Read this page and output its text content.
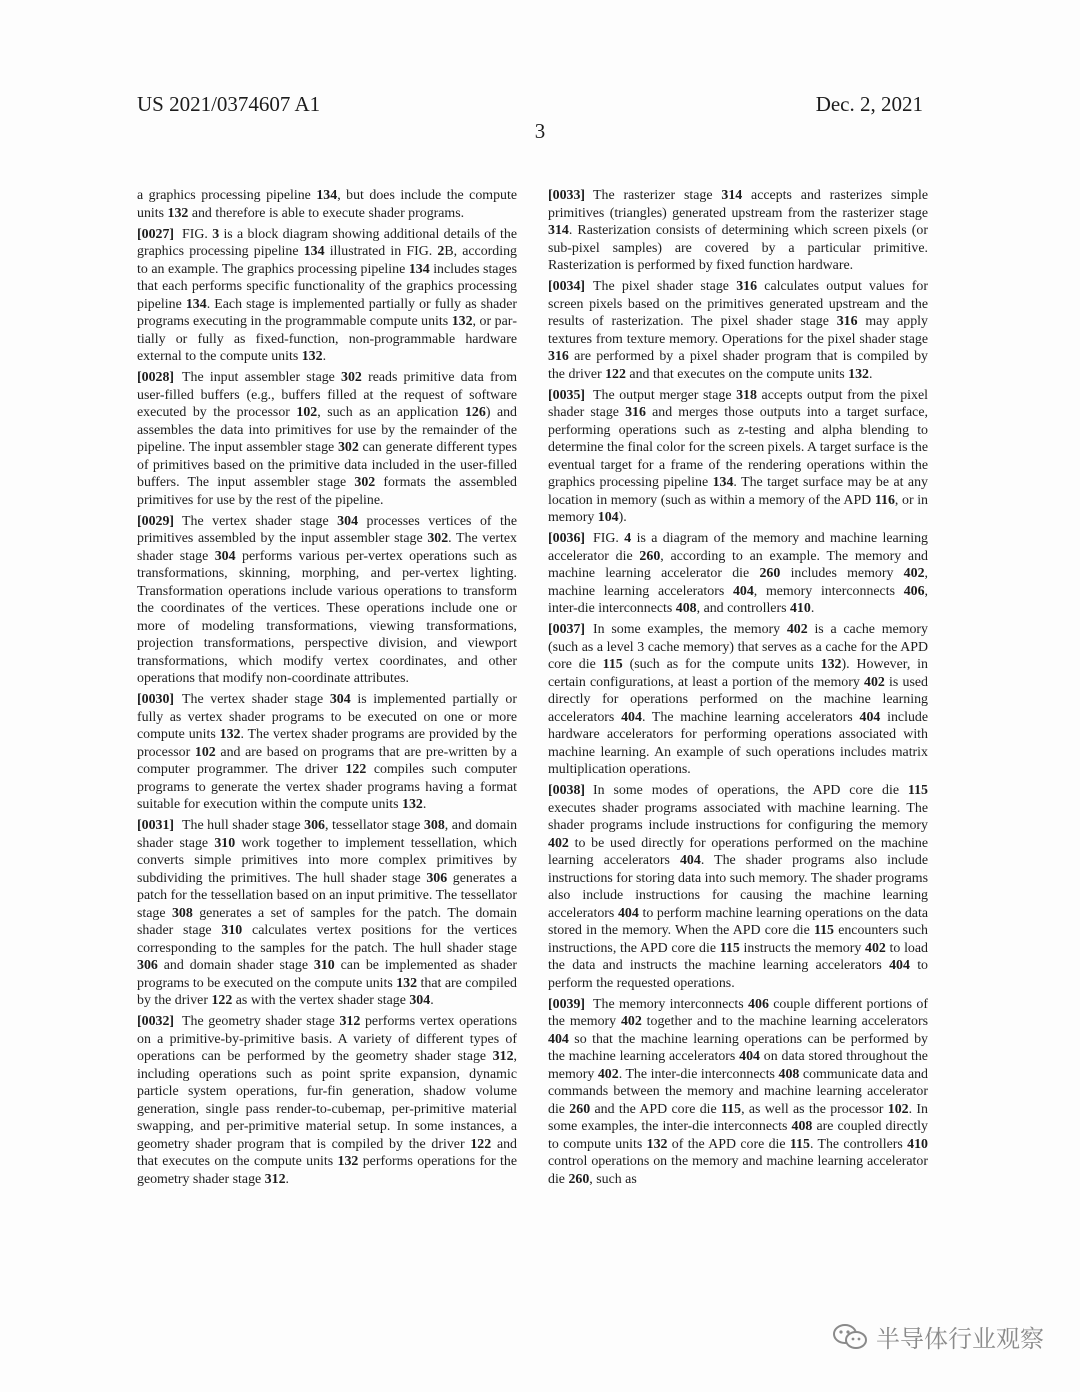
US 2021/0374607 A1	Dec. 2, 2021
3

a graphics processing pipeline 134, but does include the compute units 132 and therefore is able to execute shader programs.

[0027] FIG. 3 is a block diagram showing additional details of the graphics processing pipeline 134 illustrated in FIG. 2B, according to an example. The graphics processing pipeline 134 includes stages that each performs specific functionality of the graphics processing pipeline 134. Each stage is implemented partially or fully as shader programs executing in the programmable compute units 132, or partially or fully as fixed-function, non-programmable hardware external to the compute units 132.

[0028] The input assembler stage 302 reads primitive data from user-filled buffers (e.g., buffers filled at the request of software executed by the processor 102, such as an application 126) and assembles the data into primitives for use by the remainder of the pipeline. The input assembler stage 302 can generate different types of primitives based on the primitive data included in the user-filled buffers. The input assembler stage 302 formats the assembled primitives for use by the rest of the pipeline.

[0029] The vertex shader stage 304 processes vertices of the primitives assembled by the input assembler stage 302. The vertex shader stage 304 performs various per-vertex operations such as transformations, skinning, morphing, and per-vertex lighting. Transformation operations include various operations to transform the coordinates of the vertices. These operations include one or more of modeling transformations, viewing transformations, projection transformations, perspective division, and viewport transformations, which modify vertex coordinates, and other operations that modify non-coordinate attributes.

[0030] The vertex shader stage 304 is implemented partially or fully as vertex shader programs to be executed on one or more compute units 132. The vertex shader programs are provided by the processor 102 and are based on programs that are pre-written by a computer programmer. The driver 122 compiles such computer programs to generate the vertex shader programs having a format suitable for execution within the compute units 132.

[0031] The hull shader stage 306, tessellator stage 308, and domain shader stage 310 work together to implement tessellation, which converts simple primitives into more complex primitives by subdividing the primitives. The hull shader stage 306 generates a patch for the tessellation based on an input primitive. The tessellator stage 308 generates a set of samples for the patch. The domain shader stage 310 calculates vertex positions for the vertices corresponding to the samples for the patch. The hull shader stage 306 and domain shader stage 310 can be implemented as shader programs to be executed on the compute units 132 that are compiled by the driver 122 as with the vertex shader stage 304.

[0032] The geometry shader stage 312 performs vertex operations on a primitive-by-primitive basis. A variety of different types of operations can be performed by the geometry shader stage 312, including operations such as point sprite expansion, dynamic particle system operations, fur-fin generation, shadow volume generation, single pass render-to-cubemap, per-primitive material swapping, and per-primitive material setup. In some instances, a geometry shader program that is compiled by the driver 122 and that executes on the compute units 132 performs operations for the geometry shader stage 312.

[0033] The rasterizer stage 314 accepts and rasterizes simple primitives (triangles) generated upstream from the rasterizer stage 314. Rasterization consists of determining which screen pixels (or sub-pixel samples) are covered by a particular primitive. Rasterization is performed by fixed function hardware.

[0034] The pixel shader stage 316 calculates output values for screen pixels based on the primitives generated upstream and the results of rasterization. The pixel shader stage 316 may apply textures from texture memory. Operations for the pixel shader stage 316 are performed by a pixel shader program that is compiled by the driver 122 and that executes on the compute units 132.

[0035] The output merger stage 318 accepts output from the pixel shader stage 316 and merges those outputs into a target surface, performing operations such as z-testing and alpha blending to determine the final color for the screen pixels. A target surface is the eventual target for a frame of the rendering operations within the graphics processing pipeline 134. The target surface may be at any location in memory (such as within a memory of the APD 116, or in memory 104).

[0036] FIG. 4 is a diagram of the memory and machine learning accelerator die 260, according to an example. The memory and machine learning accelerator die 260 includes memory 402, machine learning accelerators 404, memory interconnects 406, inter-die interconnects 408, and controllers 410.

[0037] In some examples, the memory 402 is a cache memory (such as a level 3 cache memory) that serves as a cache for the APD core die 115 (such as for the compute units 132). However, in certain configurations, at least a portion of the memory 402 is used directly for operations performed on the machine learning accelerators 404. The machine learning accelerators 404 include hardware accelerators for performing operations associated with machine learning. An example of such operations includes matrix multiplication operations.

[0038] In some modes of operations, the APD core die 115 executes shader programs associated with machine learning. The shader programs include instructions for configuring the memory 402 to be used directly for operations performed on the machine learning accelerators 404. The shader programs also include instructions for storing data into such memory. The shader programs also include instructions for causing the machine learning accelerators 404 to perform machine learning operations on the data stored in the memory. When the APD core die 115 encounters such instructions, the APD core die 115 instructs the memory 402 to load the data and instructs the machine learning accelerators 404 to perform the requested operations.

[0039] The memory interconnects 406 couple different portions of the memory 402 together and to the machine learning accelerators 404 so that the machine learning operations can be performed by the machine learning accelerators 404 on data stored throughout the memory 402. The inter-die interconnects 408 communicate data and commands between the memory and machine learning accelerator die 260 and the APD core die 115, as well as the processor 102. In some examples, the inter-die interconnects 408 are coupled directly to compute units 132 of the APD core die 115. The controllers 410 control operations on the memory and machine learning accelerator die 260, such as

半导体行业观察
